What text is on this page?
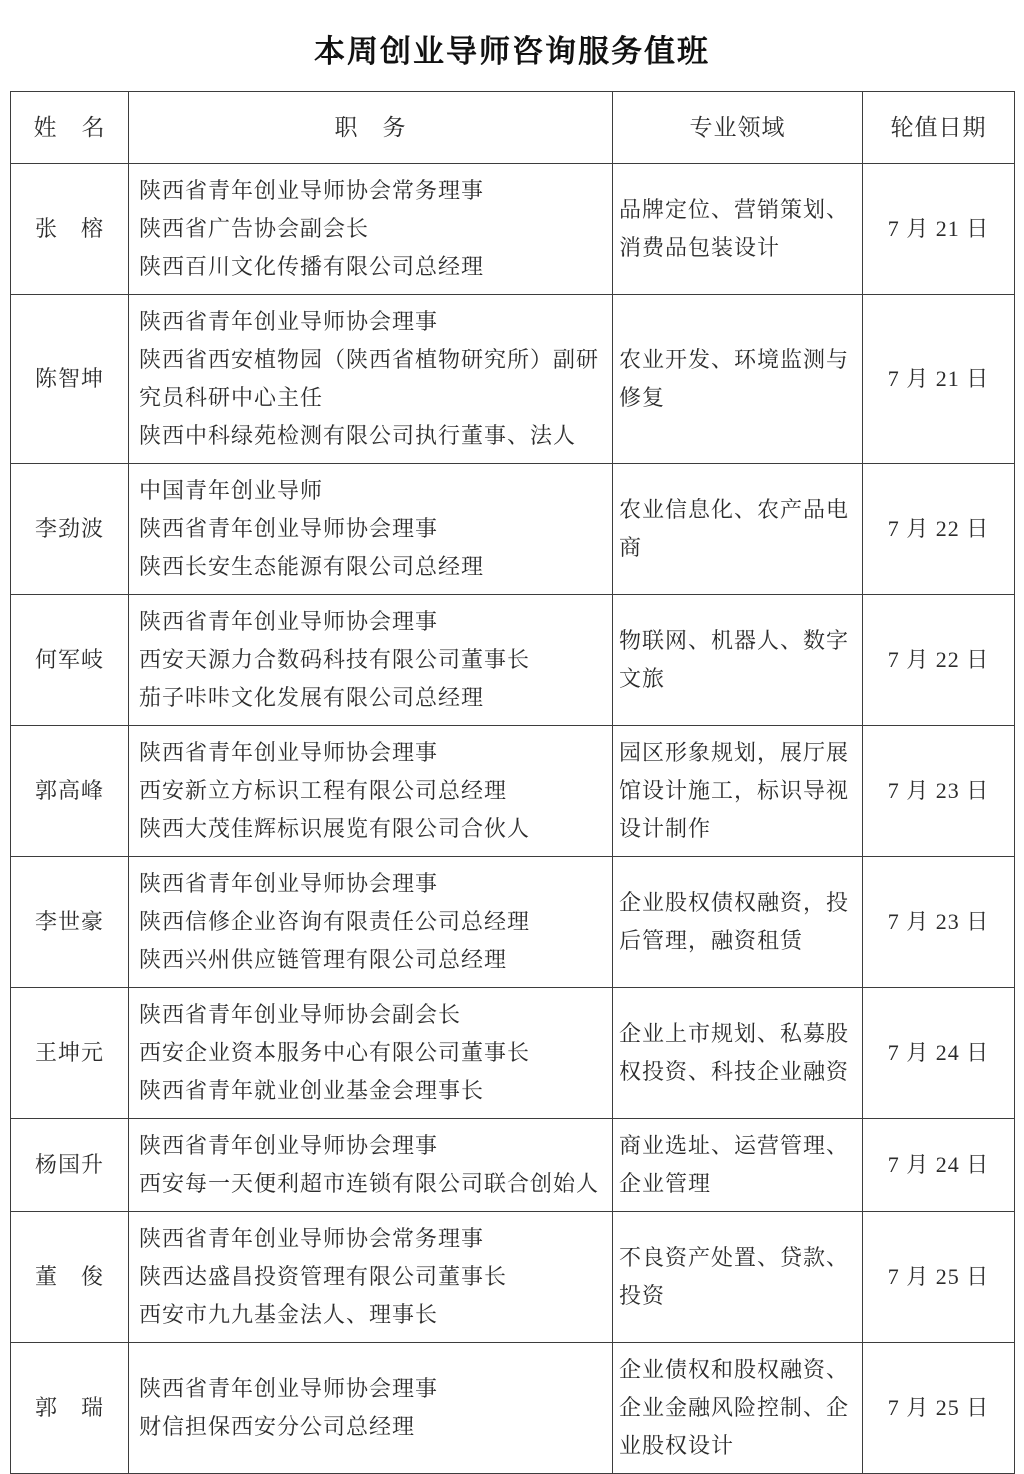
本周创业导师咨询服务值班
姓　名	职　务	专业领域	轮值日期
张　榕	陕西省青年创业导师协会常务理事
陕西省广告协会副会长
陕西百川文化传播有限公司总经理	品牌定位、营销策划、消费品包装设计	7 月 21 日
陈智坤	陕西省青年创业导师协会理事
陕西省西安植物园（陕西省植物研究所）副研究员科研中心主任
陕西中科绿苑检测有限公司执行董事、法人	农业开发、环境监测与修复	7 月 21 日
李劲波	中国青年创业导师
陕西省青年创业导师协会理事
陕西长安生态能源有限公司总经理	农业信息化、农产品电商	7 月 22 日
何军岐	陕西省青年创业导师协会理事
西安天源力合数码科技有限公司董事长
茄子咔咔文化发展有限公司总经理	物联网、机器人、数字文旅	7 月 22 日
郭高峰	陕西省青年创业导师协会理事
西安新立方标识工程有限公司总经理
陕西大茂佳辉标识展览有限公司合伙人	园区形象规划，展厅展馆设计施工，标识导视设计制作	7 月 23 日
李世豪	陕西省青年创业导师协会理事
陕西信修企业咨询有限责任公司总经理
陕西兴州供应链管理有限公司总经理	企业股权债权融资，投后管理，融资租赁	7 月 23 日
王坤元	陕西省青年创业导师协会副会长
西安企业资本服务中心有限公司董事长
陕西省青年就业创业基金会理事长	企业上市规划、私募股权投资、科技企业融资	7 月 24 日
杨国升	陕西省青年创业导师协会理事
西安每一天便利超市连锁有限公司联合创始人	商业选址、运营管理、企业管理	7 月 24 日
董　俊	陕西省青年创业导师协会常务理事
陕西达盛昌投资管理有限公司董事长
西安市九九基金法人、理事长	不良资产处置、贷款、投资	7 月 25 日
郭　瑞	陕西省青年创业导师协会理事
财信担保西安分公司总经理	企业债权和股权融资、企业金融风险控制、企业股权设计	7 月 25 日
